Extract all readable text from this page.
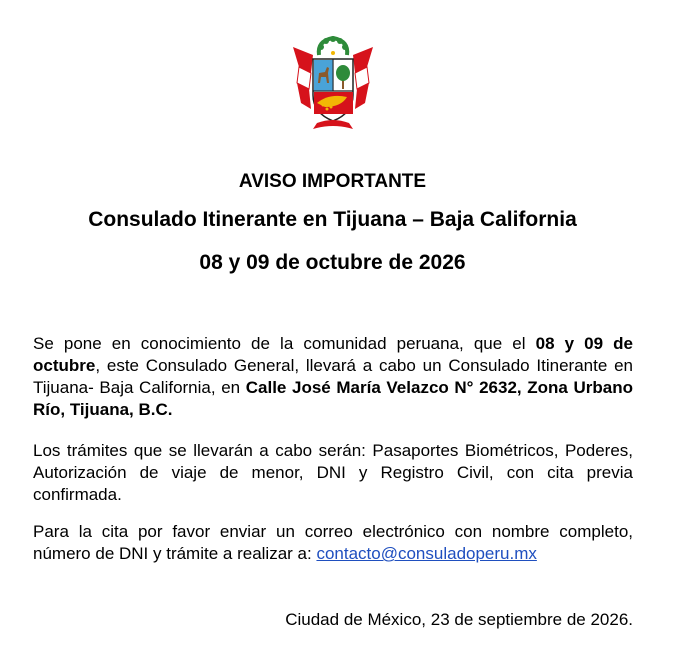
AVISO IMPORTANTE
Consulado Itinerante en Tijuana – Baja California
08 y 09 de octubre de 2026
Se pone en conocimiento de la comunidad peruana, que el 08 y 09 de octubre, este Consulado General, llevará a cabo un Consulado Itinerante en Tijuana- Baja California, en Calle José María Velazco N° 2632, Zona Urbano Río, Tijuana, B.C.
Los trámites que se llevarán a cabo serán: Pasaportes Biométricos, Poderes, Autorización de viaje de menor, DNI y Registro Civil, con cita previa confirmada.
Para la cita por favor enviar un correo electrónico con nombre completo, número de DNI y trámite a realizar a: contacto@consuladoperu.mx
Ciudad de México, 23 de septiembre de 2026.
